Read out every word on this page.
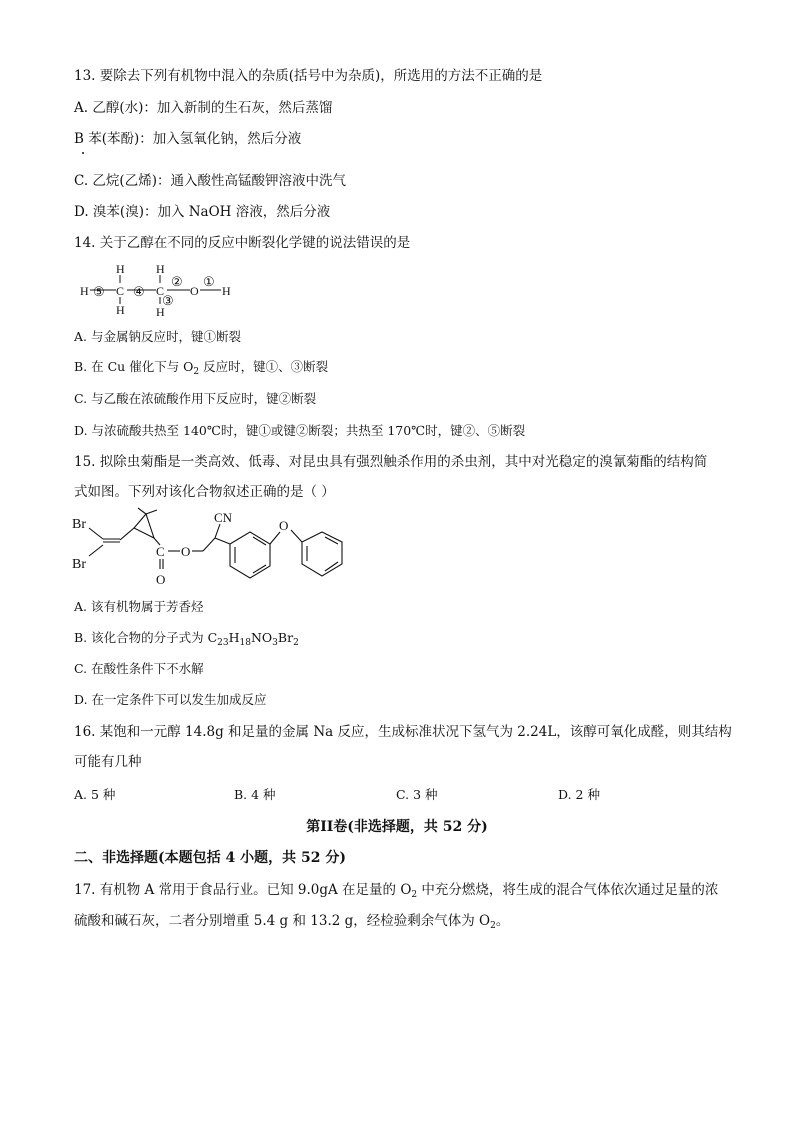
13. 要除去下列有机物中混入的杂质(括号中为杂质)，所选用的方法不正确的是
A. 乙醇(水)：加入新制的生石灰，然后蒸馏
B 苯(苯酚)：加入氢氧化钠，然后分液
C. 乙烷(乙烯)：通入酸性高锰酸钾溶液中洗气
D. 溴苯(溴)：加入 NaOH 溶液，然后分液
14. 关于乙醇在不同的反应中断裂化学键的说法错误的是
H ⑤
H
C
H
④
H
C
③
H
②
O
①
H
A. 与金属钠反应时，键①断裂
B. 在 Cu 催化下与 $O_2$ 反应时，键①、③断裂
C. 与乙酸在浓硫酸作用下反应时，键②断裂
D. 与浓硫酸共热至 140℃时，键①或键②断裂；共热至 170℃时，键②、⑤断裂
15. 拟除虫菊酯是一类高效、低毒、对昆虫具有强烈触杀作用的杀虫剂，其中对光稳定的溴氰菊酯的结构简
式如图。下列对该化合物叙述正确的是（ ）
Br
Br
C
O
O
CN
O
A. 该有机物属于芳香烃
B. 该化合物的分子式为 $C_{23}H_{18}NO_3Br_2$
C. 在酸性条件下不水解
D. 在一定条件下可以发生加成反应
16. 某饱和一元醇 14.8g 和足量的金属 Na 反应，生成标准状况下氢气为 2.24L，该醇可氧化成醛，则其结构
可能有几种
A. 5 种	B. 4 种	C. 3 种	D. 2 种
第II卷(非选择题，共 52 分)
二、非选择题(本题包括 4 小题，共 52 分)
17. 有机物 A 常用于食品行业。已知 9.0gA 在足量的 $O_2$ 中充分燃烧，将生成的混合气体依次通过足量的浓
硫酸和碱石灰，二者分别增重 5.4 g 和 13.2 g，经检验剩余气体为 $O_2$。
